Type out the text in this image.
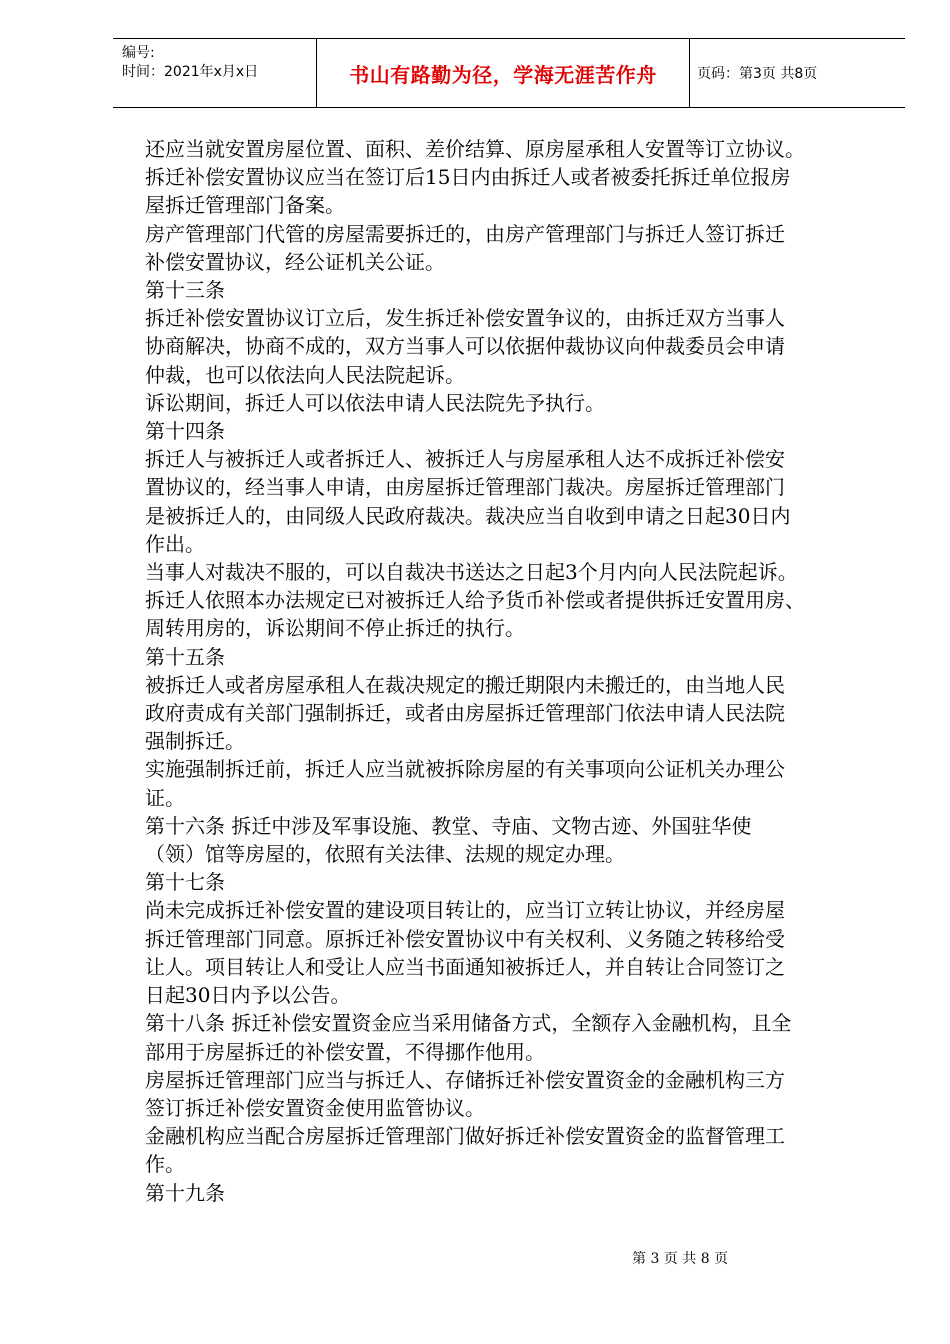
编号:
时间：2021年x月x日	书山有路勤为径，学海无涯苦作舟	页码：第3页 共8页

还应当就安置房屋位置、面积、差价结算、原房屋承租人安置等订立协议。

拆迁补偿安置协议应当在签订后15日内由拆迁人或者被委托拆迁单位报房

屋拆迁管理部门备案。

房产管理部门代管的房屋需要拆迁的，由房产管理部门与拆迁人签订拆迁

补偿安置协议，经公证机关公证。

第十三条

拆迁补偿安置协议订立后，发生拆迁补偿安置争议的，由拆迁双方当事人

协商解决，协商不成的，双方当事人可以依据仲裁协议向仲裁委员会申请

仲裁，也可以依法向人民法院起诉。

诉讼期间，拆迁人可以依法申请人民法院先予执行。

第十四条

拆迁人与被拆迁人或者拆迁人、被拆迁人与房屋承租人达不成拆迁补偿安

置协议的，经当事人申请，由房屋拆迁管理部门裁决。房屋拆迁管理部门

是被拆迁人的，由同级人民政府裁决。裁决应当自收到申请之日起30日内

作出。

当事人对裁决不服的，可以自裁决书送达之日起3个月内向人民法院起诉。

拆迁人依照本办法规定已对被拆迁人给予货币补偿或者提供拆迁安置用房、

周转用房的，诉讼期间不停止拆迁的执行。

第十五条

被拆迁人或者房屋承租人在裁决规定的搬迁期限内未搬迁的，由当地人民

政府责成有关部门强制拆迁，或者由房屋拆迁管理部门依法申请人民法院

强制拆迁。

实施强制拆迁前，拆迁人应当就被拆除房屋的有关事项向公证机关办理公

证。

第十六条 拆迁中涉及军事设施、教堂、寺庙、文物古迹、外国驻华使

（领）馆等房屋的，依照有关法律、法规的规定办理。

第十七条

尚未完成拆迁补偿安置的建设项目转让的，应当订立转让协议，并经房屋

拆迁管理部门同意。原拆迁补偿安置协议中有关权利、义务随之转移给受

让人。项目转让人和受让人应当书面通知被拆迁人，并自转让合同签订之

日起30日内予以公告。

第十八条 拆迁补偿安置资金应当采用储备方式，全额存入金融机构，且全

部用于房屋拆迁的补偿安置，不得挪作他用。

房屋拆迁管理部门应当与拆迁人、存储拆迁补偿安置资金的金融机构三方

签订拆迁补偿安置资金使用监管协议。

金融机构应当配合房屋拆迁管理部门做好拆迁补偿安置资金的监督管理工

作。

第十九条

第 3 页 共 8 页
